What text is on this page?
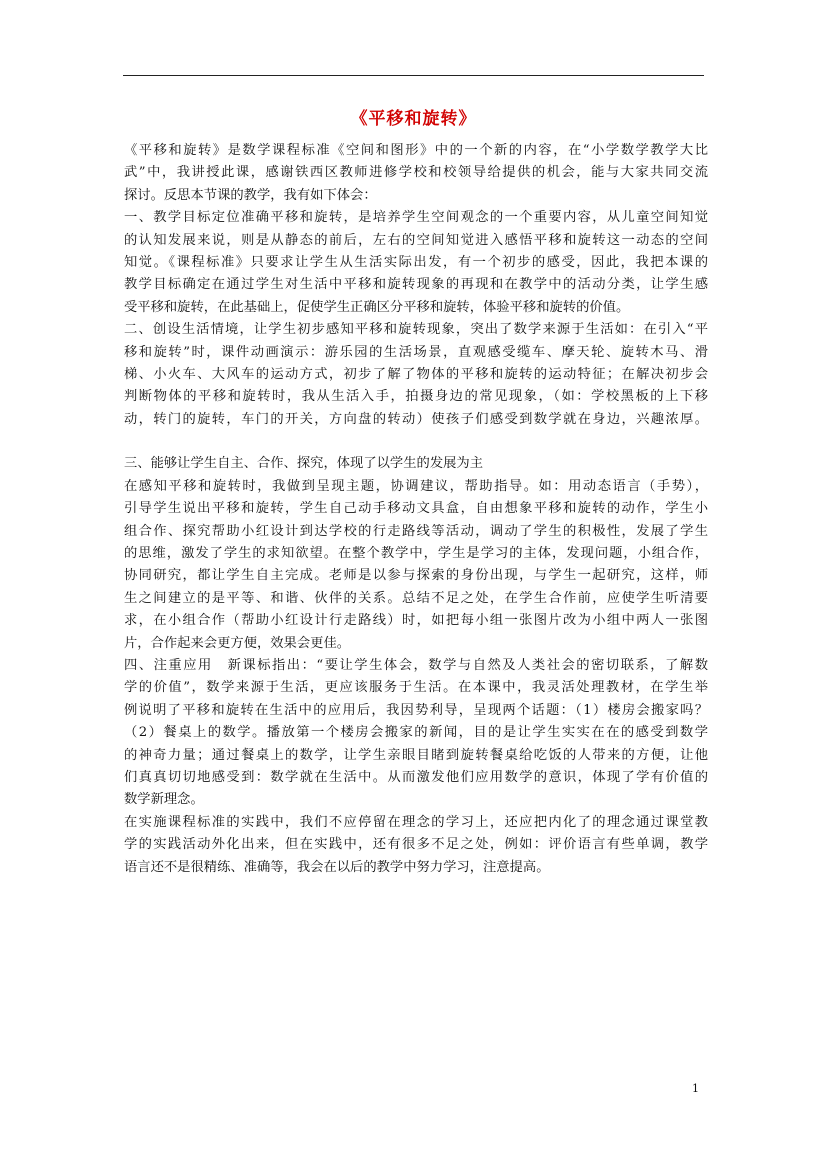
《平移和旋转》

《平移和旋转》是数学课程标准《空间和图形》中的一个新的内容，在“小学数学教学大比

武”中，我讲授此课，感谢铁西区教师进修学校和校领导给提供的机会，能与大家共同交流

探讨。反思本节课的教学，我有如下体会：

一、教学目标定位准确平移和旋转，是培养学生空间观念的一个重要内容，从儿童空间知觉

的认知发展来说，则是从静态的前后，左右的空间知觉进入感悟平移和旋转这一动态的空间

知觉。《课程标准》只要求让学生从生活实际出发，有一个初步的感受，因此，我把本课的

教学目标确定在通过学生对生活中平移和旋转现象的再现和在教学中的活动分类，让学生感

受平移和旋转，在此基础上，促使学生正确区分平移和旋转，体验平移和旋转的价值。

二、创设生活情境，让学生初步感知平移和旋转现象，突出了数学来源于生活如：在引入“平

移和旋转”时，课件动画演示：游乐园的生活场景，直观感受缆车、摩天轮、旋转木马、滑

梯、小火车、大风车的运动方式，初步了解了物体的平移和旋转的运动特征；在解决初步会

判断物体的平移和旋转时，我从生活入手，拍摄身边的常见现象，（如：学校黑板的上下移

动，转门的旋转，车门的开关，方向盘的转动）使孩子们感受到数学就在身边，兴趣浓厚。

三、能够让学生自主、合作、探究，体现了以学生的发展为主

在感知平移和旋转时，我做到呈现主题，协调建议，帮助指导。如：用动态语言（手势），

引导学生说出平移和旋转，学生自己动手移动文具盒，自由想象平移和旋转的动作，学生小

组合作、探究帮助小红设计到达学校的行走路线等活动，调动了学生的积极性，发展了学生

的思维，激发了学生的求知欲望。在整个教学中，学生是学习的主体，发现问题，小组合作，

协同研究，都让学生自主完成。老师是以参与探索的身份出现，与学生一起研究，这样，师

生之间建立的是平等、和谐、伙伴的关系。总结不足之处，在学生合作前，应使学生听清要

求，在小组合作（帮助小红设计行走路线）时，如把每小组一张图片改为小组中两人一张图

片，合作起来会更方便，效果会更佳。

四、注重应用　新课标指出：“要让学生体会，数学与自然及人类社会的密切联系，了解数

学的价值”，数学来源于生活，更应该服务于生活。在本课中，我灵活处理教材，在学生举

例说明了平移和旋转在生活中的应用后，我因势利导，呈现两个话题：（1）楼房会搬家吗？

（2）餐桌上的数学。播放第一个楼房会搬家的新闻，目的是让学生实实在在的感受到数学

的神奇力量；通过餐桌上的数学，让学生亲眼目睹到旋转餐桌给吃饭的人带来的方便，让他

们真真切切地感受到：数学就在生活中。从而激发他们应用数学的意识，体现了学有价值的

数学新理念。

在实施课程标准的实践中，我们不应停留在理念的学习上，还应把内化了的理念通过课堂教

学的实践活动外化出来，但在实践中，还有很多不足之处，例如：评价语言有些单调，教学

语言还不是很精练、准确等，我会在以后的教学中努力学习，注意提高。

1
